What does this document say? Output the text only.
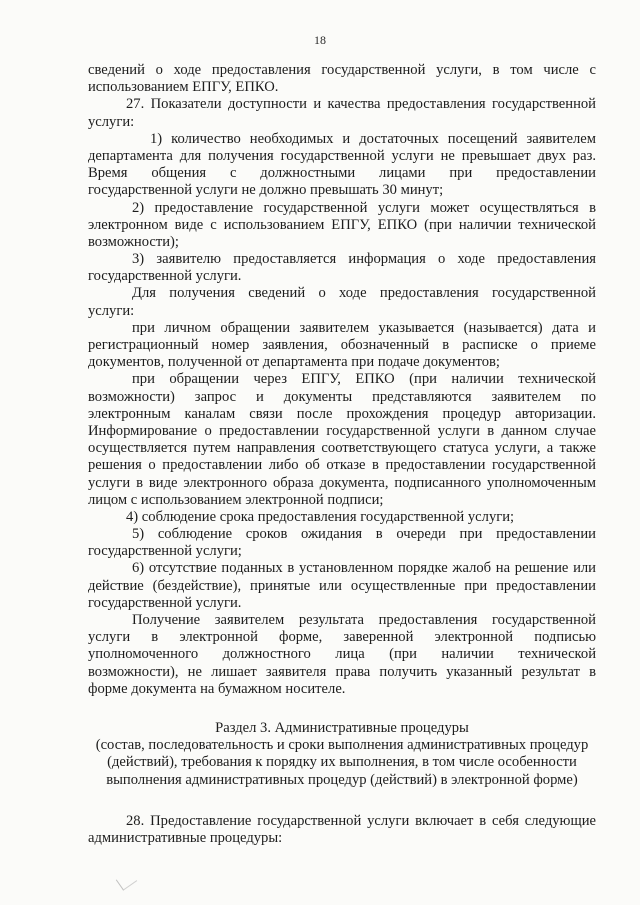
18
сведений о ходе предоставления государственной услуги, в том числе с
использованием ЕПГУ, ЕПКО.
27. Показатели доступности и качества предоставления государственной
услуги:
1) количество необходимых и достаточных посещений заявителем
департамента для получения государственной услуги не превышает двух раз.
Время общения с должностными лицами при предоставлении
государственной услуги не должно превышать 30 минут;
2) предоставление государственной услуги может осуществляться в
электронном виде с использованием ЕПГУ, ЕПКО (при наличии технической
возможности);
3) заявителю предоставляется информация о ходе предоставления
государственной услуги.
Для получения сведений о ходе предоставления государственной
услуги:
при личном обращении заявителем указывается (называется) дата и
регистрационный номер заявления, обозначенный в расписке о приеме
документов, полученной от департамента при подаче документов;
при обращении через ЕПГУ, ЕПКО (при наличии технической
возможности) запрос и документы представляются заявителем по
электронным каналам связи после прохождения процедур авторизации.
Информирование о предоставлении государственной услуги в данном случае
осуществляется путем направления соответствующего статуса услуги, а также
решения о предоставлении либо об отказе в предоставлении государственной
услуги в виде электронного образа документа, подписанного уполномоченным
лицом с использованием электронной подписи;
4) соблюдение срока предоставления государственной услуги;
5) соблюдение сроков ожидания в очереди при предоставлении
государственной услуги;
6) отсутствие поданных в установленном порядке жалоб на решение или
действие (бездействие), принятые или осуществленные при предоставлении
государственной услуги.
Получение заявителем результата предоставления государственной
услуги в электронной форме, заверенной электронной подписью
уполномоченного должностного лица (при наличии технической
возможности), не лишает заявителя права получить указанный результат в
форме документа на бумажном носителе.
Раздел 3. Административные процедуры
(состав, последовательность и сроки выполнения административных процедур
(действий), требования к порядку их выполнения, в том числе особенности
выполнения административных процедур (действий) в электронной форме)
28. Предоставление государственной услуги включает в себя следующие
административные процедуры:
